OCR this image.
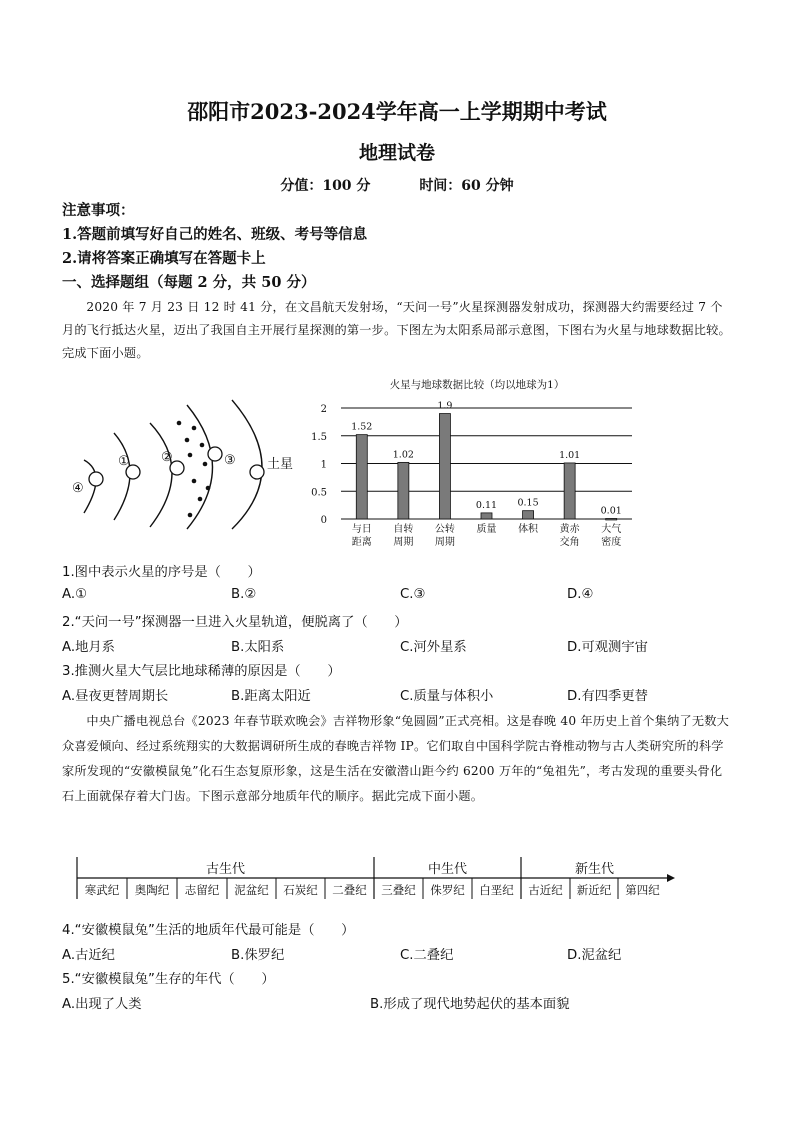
邵阳市2023-2024学年高一上学期期中考试
地理试卷
分值：100 分	时间：60 分钟
注意事项：
1.答题前填写好自己的姓名、班级、考号等信息
2.请将答案正确填写在答题卡上
一、选择题组（每题 2 分，共 50 分）
2020 年 7 月 23 日 12 时 41 分，在文昌航天发射场，“天问一号”火星探测器发射成功，探测器大约需要经过 7 个月的飞行抵达火星，迈出了我国自主开展行星探测的第一步。下图左为太阳系局部示意图，下图右为火星与地球数据比较。完成下面小题。
④
① ②	③ 土星
火星与地球数据比较（均以地球为1）
0
0.5
1
1.5
2
1.52
1.02
1.9
0.11 0.15
1.01
0.01
与日
距离
自转
周期
公转
周期
质量 体积 黄赤
交角
大气
密度
1.图中表示火星的序号是（　　）
A.①	B.②	C.③	D.④
2.“天问一号”探测器一旦进入火星轨道，便脱离了（　　）
A.地月系	B.太阳系	C.河外星系	D.可观测宇宙
3.推测火星大气层比地球稀薄的原因是（　　）
A.昼夜更替周期长	B.距离太阳近	C.质量与体积小	D.有四季更替
中央广播电视总台《2023 年春节联欢晚会》吉祥物形象“兔圆圆”正式亮相。这是春晚 40 年历史上首个集纳了无数大众喜爱倾向、经过系统翔实的大数据调研所生成的春晚吉祥物 IP。它们取自中国科学院古脊椎动物与古人类研究所的科学家所发现的“安徽模鼠兔”化石生态复原形象，这是生活在安徽潜山距今约 6200 万年的“兔祖先”，考古发现的重要头骨化石上面就保存着大门齿。下图示意部分地质年代的顺序。据此完成下面小题。
古生代	中生代	新生代
寒武纪	奥陶纪	志留纪	泥盆纪	石炭纪	二叠纪	三叠纪	侏罗纪	白垩纪	古近纪	新近纪	第四纪
4.“安徽模鼠兔”生活的地质年代最可能是（　　）
A.古近纪	B.侏罗纪	C.二叠纪	D.泥盆纪
5.“安徽模鼠兔”生存的年代（　　）
A.出现了人类	B.形成了现代地势起伏的基本面貌
